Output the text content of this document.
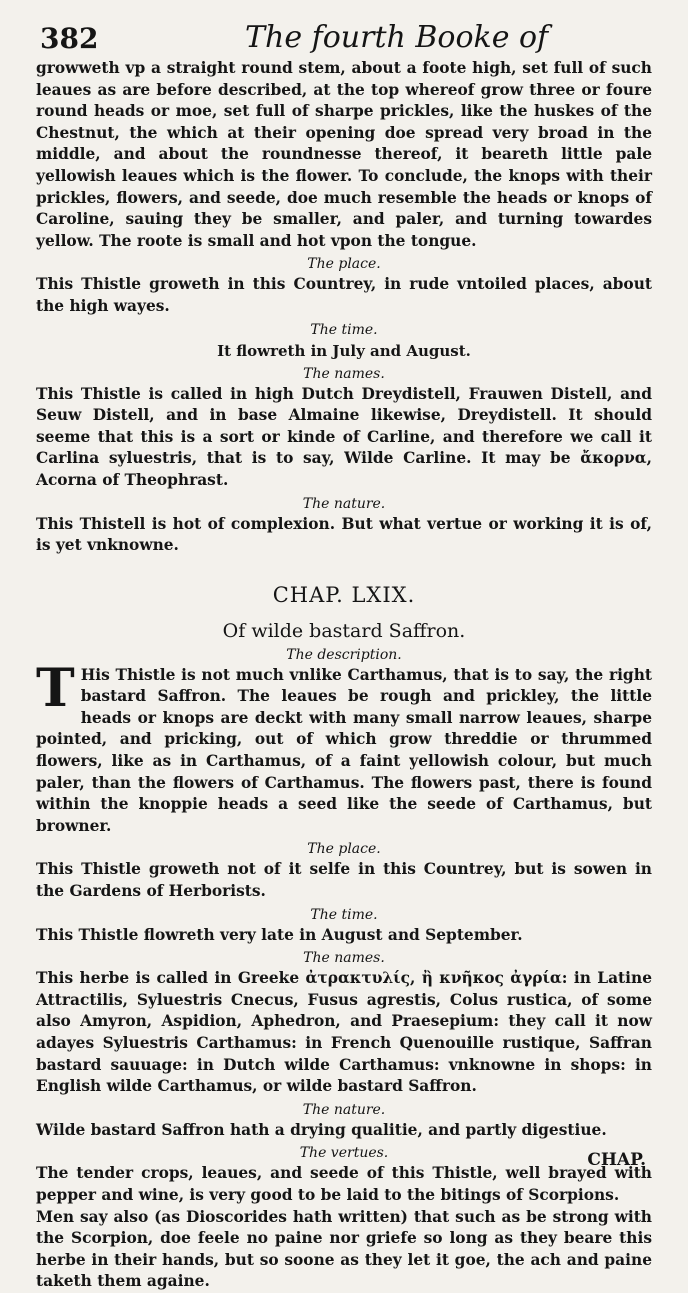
382	The fourth Booke of

growweth vp a straight round stem, about a foote high, set full of such leaues as are before described, at the top whereof grow three or foure round heads or moe, set full of sharpe prickles, like the huskes of the Chestnut, the which at their opening doe spread very broad in the middle, and about the roundnesse thereof, it beareth little pale yellowish leaues which is the flower. To conclude, the knops with their prickles, flowers, and seede, doe much resemble the heads or knops of Caroline, sauing they be smaller, and paler, and turning towardes yellow. The roote is small and hot vpon the tongue.

The place.

This Thistle groweth in this Countrey, in rude vntoiled places, about the high wayes.

The time.

It flowreth in July and August.

The names.

This Thistle is called in high Dutch Dreydistell, Frauwen Distell, and Seuw Distell, and in base Almaine likewise, Dreydistell. It should seeme that this is a sort or kinde of Carline, and therefore we call it Carlina syluestris, that is to say, Wilde Carline. It may be ἄκορνα, Acorna of Theophrast.

The nature.

This Thistell is hot of complexion. But what vertue or working it is of, is yet vnknowne.

CHAP. LXIX.

Of wilde bastard Saffron.

The description.

T His Thistle is not much vnlike Carthamus, that is to say, the right bastard Saffron. The leaues be rough and prickley, the little heads or knops are deckt with many small narrow leaues, sharpe pointed, and pricking, out of which grow threddie or thrummed flowers, like as in Carthamus, of a faint yellowish colour, but much paler, than the flowers of Carthamus. The flowers past, there is found within the knoppie heads a seed like the seede of Carthamus, but browner.

The place.

This Thistle groweth not of it selfe in this Countrey, but is sowen in the Gardens of Herborists.

The time.

This Thistle flowreth very late in August and September.

The names.

This herbe is called in Greeke ἀτρακτυλίς, ἢ κνῆκος ἀγρία: in Latine Attractilis, Syluestris Cnecus, Fusus agrestis, Colus rustica, of some also Amyron, Aspidion, Aphedron, and Praesepium: they call it now adayes Syluestris Carthamus: in French Quenouille rustique, Saffran bastard sauuage: in Dutch wilde Carthamus: vnknowne in shops: in English wilde Carthamus, or wilde bastard Saffron.

The nature.

Wilde bastard Saffron hath a drying qualitie, and partly digestiue.

The vertues.

The tender crops, leaues, and seede of this Thistle, well brayed with pepper and wine, is very good to be laid to the bitings of Scorpions.

Men say also (as Dioscorides hath written) that such as be strong with the Scorpion, doe feele no paine nor griefe so long as they beare this herbe in their hands, but so soone as they let it goe, the ach and paine taketh them againe.

CHAP.
